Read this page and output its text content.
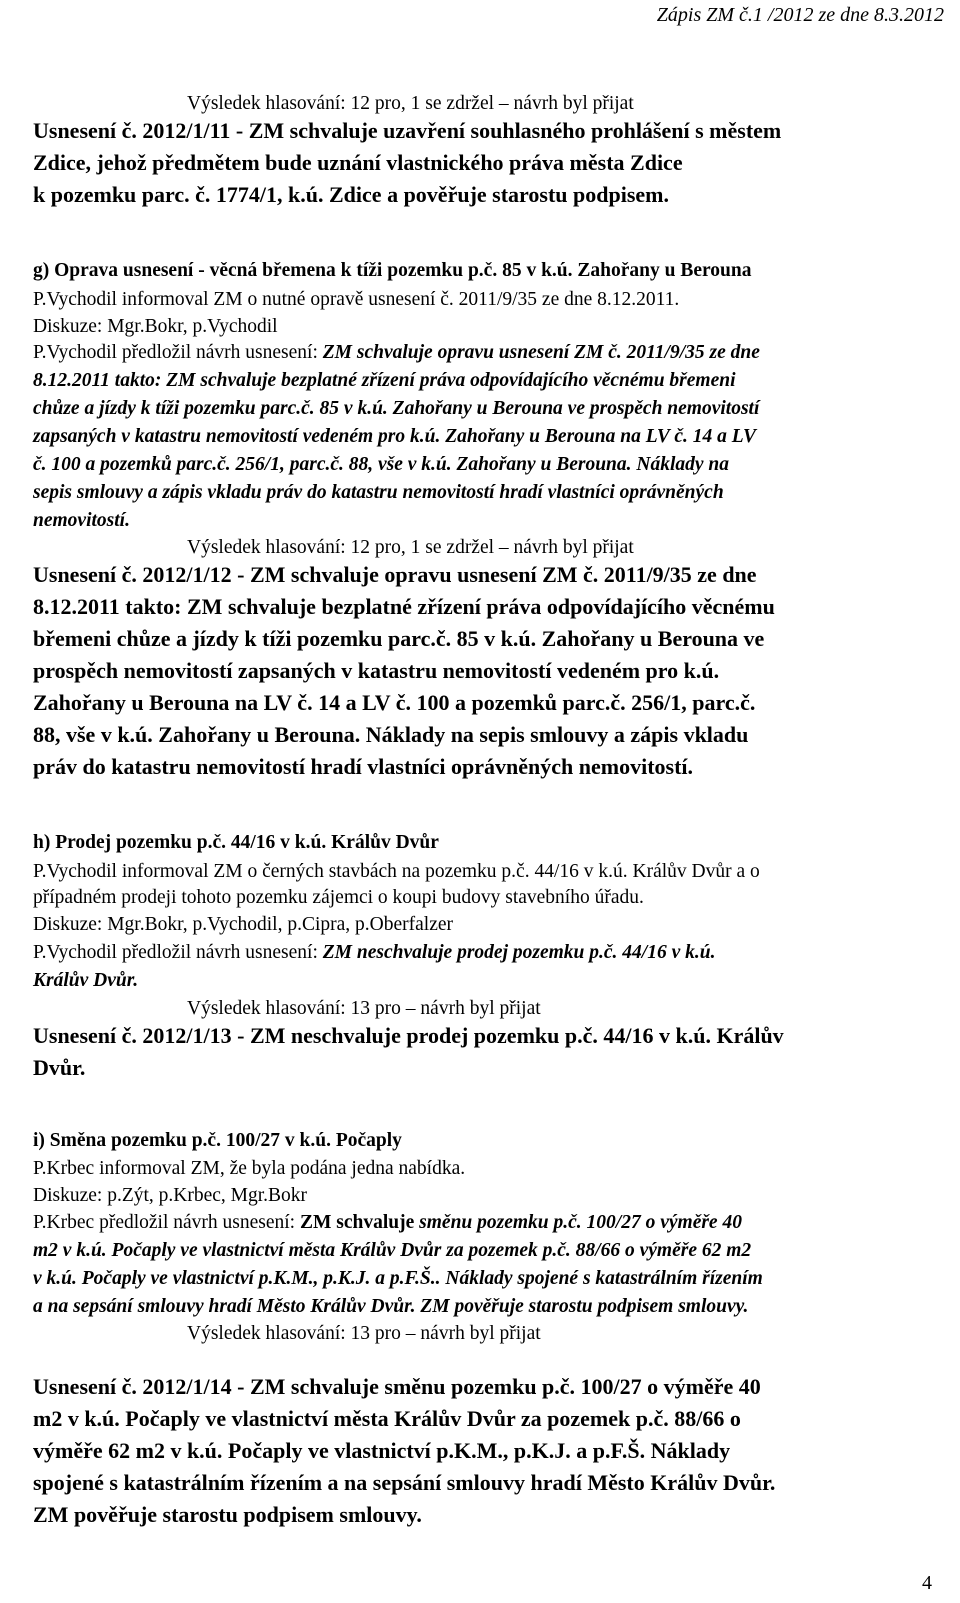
Zápis ZM č.1 /2012 ze dne 8.3.2012
Výsledek hlasování: 12 pro, 1 se zdržel – návrh byl přijat
Usnesení č. 2012/1/11 - ZM schvaluje uzavření souhlasného prohlášení s městem
Zdice, jehož předmětem bude uznání vlastnického práva města Zdice
k pozemku parc. č. 1774/1, k.ú. Zdice a pověřuje starostu podpisem.
g) Oprava usnesení - věcná břemena k tíži pozemku p.č. 85 v k.ú. Zahořany u Berouna
P.Vychodil informoval ZM o nutné opravě usnesení č. 2011/9/35 ze dne 8.12.2011.
Diskuze: Mgr.Bokr, p.Vychodil
P.Vychodil předložil návrh usnesení: ZM schvaluje opravu usnesení ZM č. 2011/9/35 ze dne
8.12.2011 takto: ZM schvaluje bezplatné zřízení práva odpovídajícího věcnému břemeni
chůze a jízdy k tíži pozemku parc.č. 85 v k.ú. Zahořany u Berouna ve prospěch nemovitostí
zapsaných v katastru nemovitostí vedeném pro k.ú. Zahořany u Berouna na LV č. 14 a LV
č. 100 a pozemků parc.č. 256/1, parc.č. 88, vše v k.ú. Zahořany u Berouna. Náklady na
sepis smlouvy a zápis vkladu práv do katastru nemovitostí hradí vlastníci oprávněných
nemovitostí.
Výsledek hlasování: 12 pro, 1 se zdržel – návrh byl přijat
Usnesení č. 2012/1/12 - ZM schvaluje opravu usnesení ZM č. 2011/9/35 ze dne
8.12.2011 takto: ZM schvaluje bezplatné zřízení práva odpovídajícího věcnému
břemeni chůze a jízdy k tíži pozemku parc.č. 85 v k.ú. Zahořany u Berouna ve
prospěch nemovitostí zapsaných v katastru nemovitostí vedeném pro k.ú.
Zahořany u Berouna na LV č. 14 a LV č. 100 a pozemků parc.č. 256/1, parc.č.
88, vše v k.ú. Zahořany u Berouna. Náklady na sepis smlouvy a zápis vkladu
práv do katastru nemovitostí hradí vlastníci oprávněných nemovitostí.
h) Prodej pozemku p.č. 44/16 v k.ú. Králův Dvůr
P.Vychodil informoval ZM o černých stavbách na pozemku p.č. 44/16 v k.ú. Králův Dvůr a o
případném prodeji tohoto pozemku zájemci o koupi budovy stavebního úřadu.
Diskuze: Mgr.Bokr, p.Vychodil, p.Cipra, p.Oberfalzer
P.Vychodil předložil návrh usnesení: ZM neschvaluje prodej pozemku p.č. 44/16 v k.ú.
Králův Dvůr.
Výsledek hlasování: 13 pro – návrh byl přijat
Usnesení č. 2012/1/13 - ZM neschvaluje prodej pozemku p.č. 44/16 v k.ú. Králův
Dvůr.
i) Směna pozemku p.č. 100/27 v k.ú. Počaply
P.Krbec informoval ZM, že byla podána jedna nabídka.
Diskuze: p.Zýt, p.Krbec, Mgr.Bokr
P.Krbec předložil návrh usnesení: ZM schvaluje směnu pozemku p.č. 100/27 o výměře 40
m2 v k.ú. Počaply ve vlastnictví města Králův Dvůr za pozemek p.č. 88/66 o výměře 62 m2
v k.ú. Počaply ve vlastnictví p.K.M., p.K.J. a p.F.Š.. Náklady spojené s katastrálním řízením
a na sepsání smlouvy hradí Město Králův Dvůr. ZM pověřuje starostu podpisem smlouvy.
Výsledek hlasování: 13 pro – návrh byl přijat
Usnesení č. 2012/1/14 - ZM schvaluje směnu pozemku p.č. 100/27 o výměře 40
m2 v k.ú. Počaply ve vlastnictví města Králův Dvůr za pozemek p.č. 88/66 o
výměře 62 m2 v k.ú. Počaply ve vlastnictví p.K.M., p.K.J. a p.F.Š. Náklady
spojené s katastrálním řízením a na sepsání smlouvy hradí Město Králův Dvůr.
ZM pověřuje starostu podpisem smlouvy.
4
